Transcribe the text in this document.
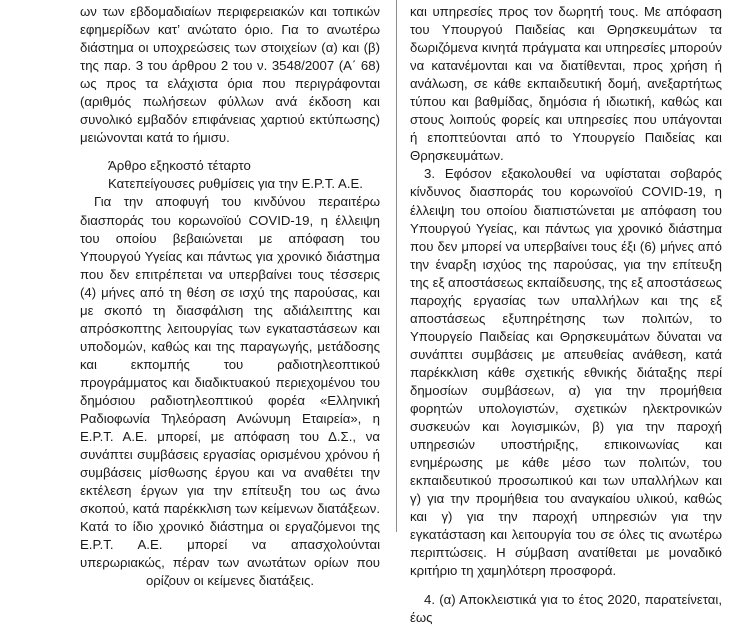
ων των εβδομαδιαίων περιφερειακών και τοπικών εφημερίδων κατ’ ανώτατο όριο. Για το ανωτέρω διάστημα οι υποχρεώσεις των στοιχείων (α) και (β) της παρ. 3 του άρθρου 2 του ν. 3548/2007 (Α΄ 68) ως προς τα ελάχιστα όρια που περιγράφονται (αριθμός πωλήσεων φύλλων ανά έκδοση και συνολικό εμβαδόν επιφάνειας χαρτιού εκτύπωσης) μειώνονται κατά το ήμισυ.

Άρθρο εξηκοστό τέταρτο

Κατεπείγουσες ρυθμίσεις για την Ε.Ρ.Τ. Α.Ε.

Για την αποφυγή του κινδύνου περαιτέρω διασποράς του κορωνοϊού COVID-19, η έλλειψη του οποίου βεβαιώνεται με απόφαση του Υπουργού Υγείας και πάντως για χρονικό διάστημα που δεν επιτρέπεται να υπερβαίνει τους τέσσερις (4) μήνες από τη θέση σε ισχύ της παρούσας, και με σκοπό τη διασφάλιση της αδιάλειπτης και απρόσκοπτης λειτουργίας των εγκαταστάσεων και υποδομών, καθώς και της παραγωγής, μετάδοσης και εκπομπής του ραδιοτηλεοπτικού προγράμματος και διαδικτυακού περιεχομένου του δημόσιου ραδιοτηλεοπτικού φορέα «Ελληνική Ραδιοφωνία Τηλεόραση Ανώνυμη Εταιρεία», η Ε.Ρ.Τ. Α.Ε. μπορεί, με απόφαση του Δ.Σ., να συνάπτει συμβάσεις εργασίας ορισμένου χρόνου ή συμβάσεις μίσθωσης έργου και να αναθέτει την εκτέλεση έργων για την επίτευξη του ως άνω σκοπού, κατά παρέκκλιση των κείμενων διατάξεων. Κατά το ίδιο χρονικό διάστημα οι εργαζόμενοι της Ε.Ρ.Τ. Α.Ε. μπορεί να απασχολούνται υπερωριακώς, πέραν των ανωτάτων ορίων που ορίζουν οι κείμενες διατάξεις.

και υπηρεσίες προς τον δωρητή τους. Με απόφαση του Υπουργού Παιδείας και Θρησκευμάτων τα δωριζόμενα κινητά πράγματα και υπηρεσίες μπορούν να κατανέμονται και να διατίθενται, προς χρήση ή ανάλωση, σε κάθε εκπαιδευτική δομή, ανεξαρτήτως τύπου και βαθμίδας, δημόσια ή ιδιωτική, καθώς και στους λοιπούς φορείς και υπηρεσίες που υπάγονται ή εποπτεύονται από το Υπουργείο Παιδείας και Θρησκευμάτων.

3. Εφόσον εξακολουθεί να υφίσταται σοβαρός κίνδυνος διασποράς του κορωνοϊού COVID-19, η έλλειψη του οποίου διαπιστώνεται με απόφαση του Υπουργού Υγείας, και πάντως για χρονικό διάστημα που δεν μπορεί να υπερβαίνει τους έξι (6) μήνες από την έναρξη ισχύος της παρούσας, για την επίτευξη της εξ αποστάσεως εκπαίδευσης, της εξ αποστάσεως παροχής εργασίας των υπαλλήλων και της εξ αποστάσεως εξυπηρέτησης των πολιτών, το Υπουργείο Παιδείας και Θρησκευμάτων δύναται να συνάπτει συμβάσεις με απευθείας ανάθεση, κατά παρέκκλιση κάθε σχετικής εθνικής διάταξης περί δημοσίων συμβάσεων, α) για την προμήθεια φορητών υπολογιστών, σχετικών ηλεκτρονικών συσκευών και λογισμικών, β) για την παροχή υπηρεσιών υποστήριξης, επικοινωνίας και ενημέρωσης με κάθε μέσο των πολιτών, του εκπαιδευτικού προσωπικού και των υπαλλήλων και γ) για την προμήθεια του αναγκαίου υλικού, καθώς και γ) για την παροχή υπηρεσιών για την εγκατάσταση και λειτουργία του σε όλες τις ανωτέρω περιπτώσεις. Η σύμβαση ανατίθεται με μοναδικό κριτήριο τη χαμηλότερη προσφορά.

4. (α) Αποκλειστικά για το έτος 2020, παρατείνεται, έως
